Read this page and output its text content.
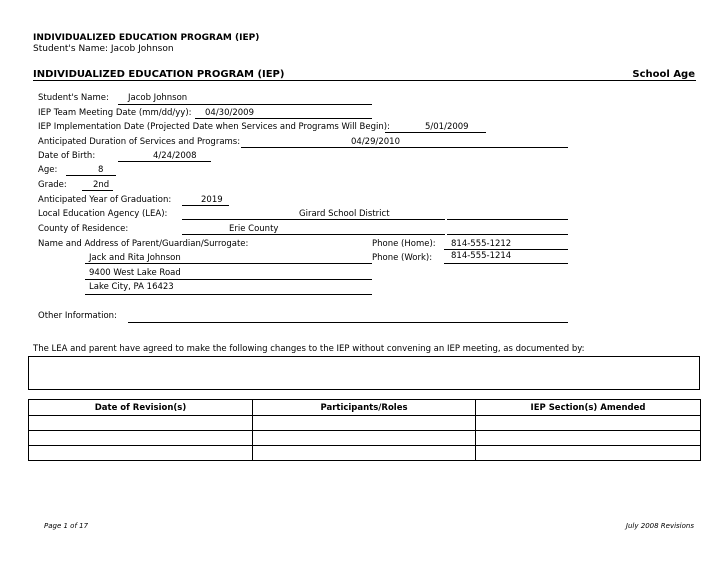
INDIVIDUALIZED EDUCATION PROGRAM (IEP)
Student's Name: Jacob Johnson
INDIVIDUALIZED EDUCATION PROGRAM (IEP)	School Age
Student's Name: Jacob Johnson
IEP Team Meeting Date (mm/dd/yy): 04/30/2009
IEP Implementation Date (Projected Date when Services and Programs Will Begin):	5/01/2009
Anticipated Duration of Services and Programs:	04/29/2010
Date of Birth:	4/24/2008
Age:	8
Grade:	2nd
Anticipated Year of Graduation:	2019
Local Education Agency (LEA):	Girard School District
County of Residence:	Erie County
Name and Address of Parent/Guardian/Surrogate:	Phone (Home): 814-555-1212
Jack and Rita Johnson	Phone (Work): 814-555-1214
9400 West Lake Road
Lake City, PA 16423
Other Information:
The LEA and parent have agreed to make the following changes to the IEP without convening an IEP meeting, as documented by:
Date of Revision(s)	Participants/Roles	IEP Section(s) Amended

Page 1 of 17	July 2008 Revisions
